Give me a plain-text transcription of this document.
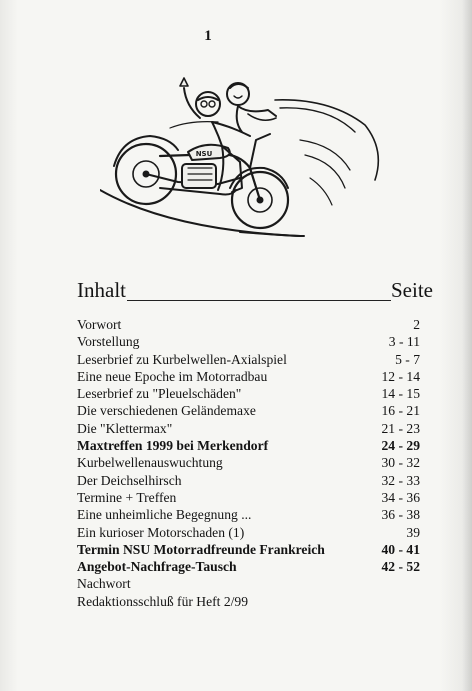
1
NSU
Inhalt	Seite
Vorwort	2
Vorstellung	3 - 11
Leserbrief zu Kurbelwellen-Axialspiel	5 - 7
Eine neue Epoche im Motorradbau	12 - 14
Leserbrief zu "Pleuelschäden"	14 - 15
Die verschiedenen Geländemaxe	16 - 21
Die "Klettermax"	21 - 23
Maxtreffen 1999 bei Merkendorf	24 - 29
Kurbelwellenauswuchtung	30 - 32
Der Deichselhirsch	32 - 33
Termine + Treffen	34 - 36
Eine unheimliche Begegnung ...	36 - 38
Ein kurioser Motorschaden (1)	39
Termin NSU Motorradfreunde Frankreich	40 - 41
Angebot-Nachfrage-Tausch	42 - 52
Nachwort
Redaktionsschluß für Heft 2/99
